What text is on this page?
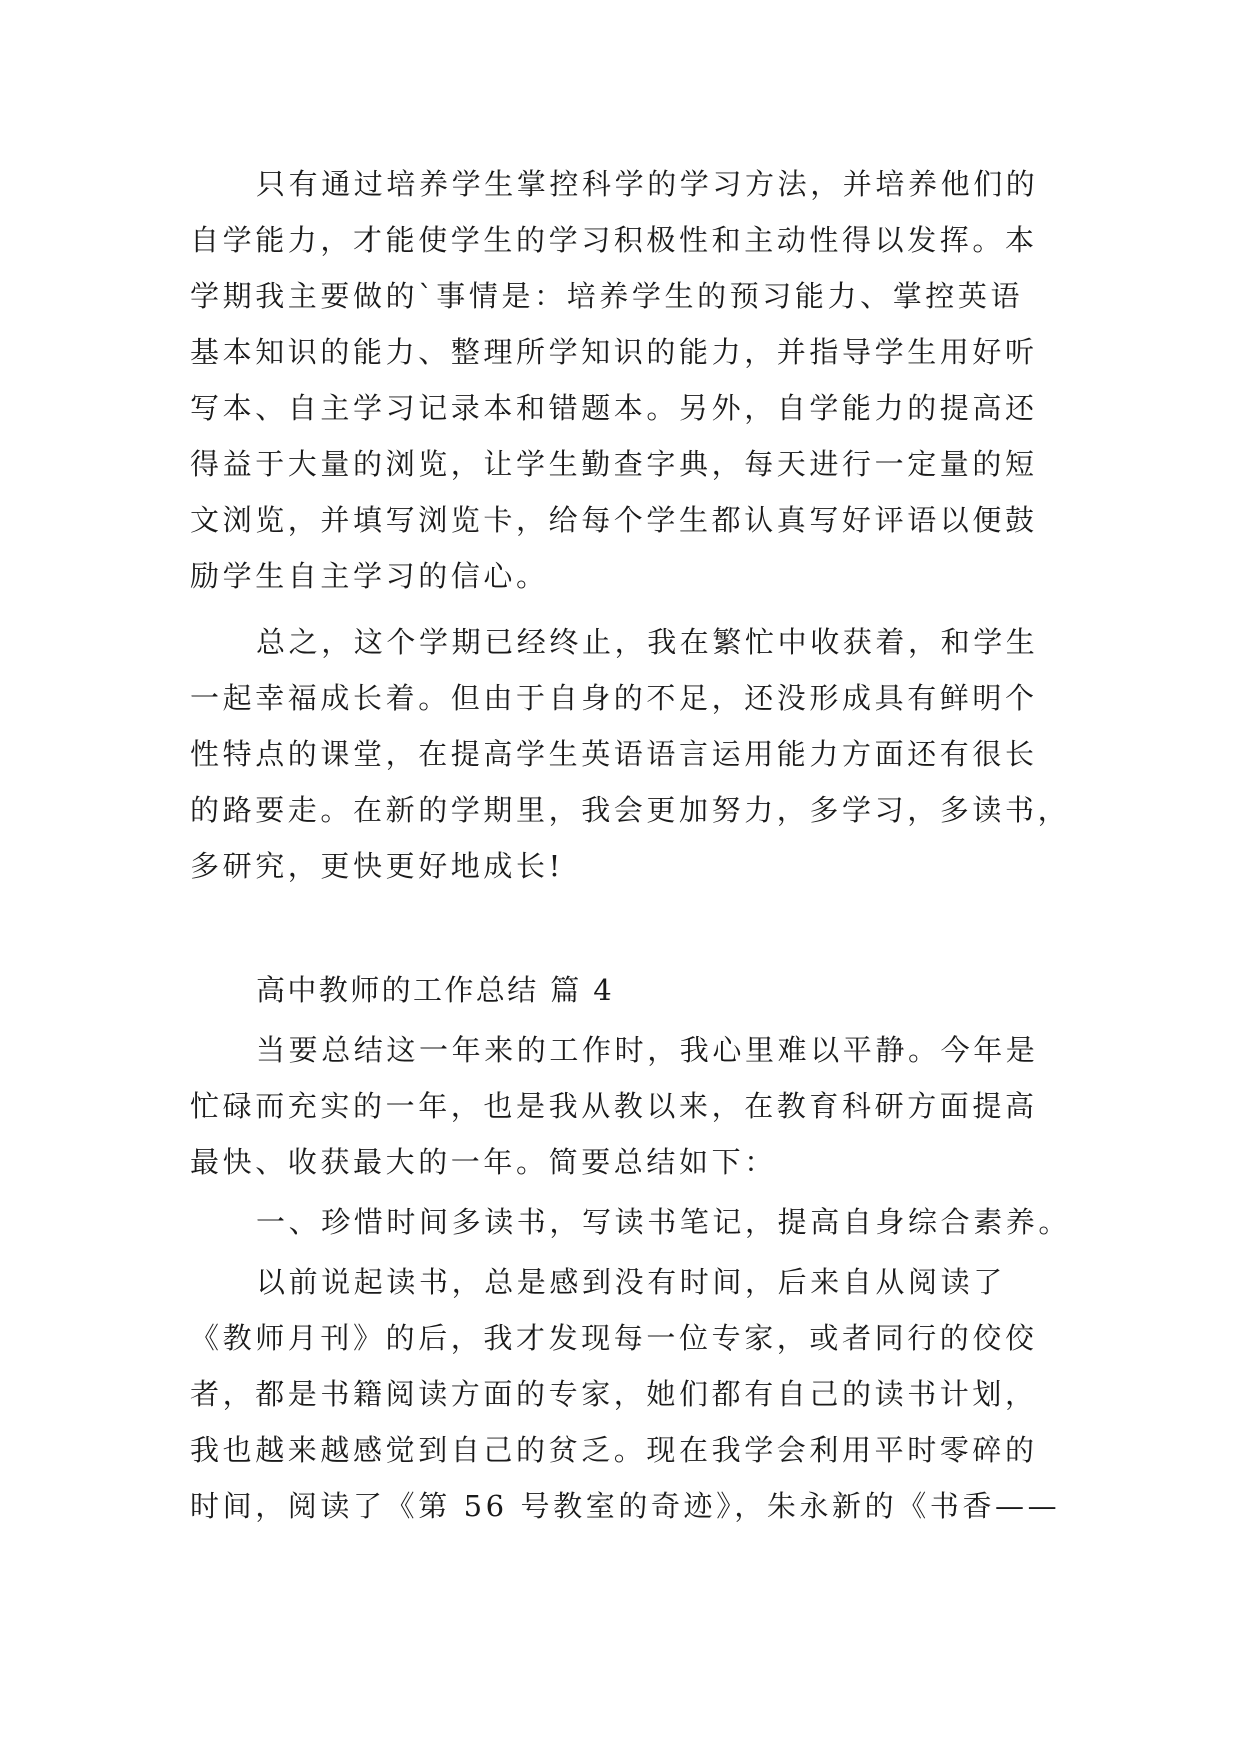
只有通过培养学生掌控科学的学习方法，并培养他们的
自学能力，才能使学生的学习积极性和主动性得以发挥。本
学期我主要做的`事情是：培养学生的预习能力、掌控英语
基本知识的能力、整理所学知识的能力，并指导学生用好听
写本、自主学习记录本和错题本。另外，自学能力的提高还
得益于大量的浏览，让学生勤查字典，每天进行一定量的短
文浏览，并填写浏览卡，给每个学生都认真写好评语以便鼓
励学生自主学习的信心。
总之，这个学期已经终止，我在繁忙中收获着，和学生
一起幸福成长着。但由于自身的不足，还没形成具有鲜明个
性特点的课堂，在提高学生英语语言运用能力方面还有很长
的路要走。在新的学期里，我会更加努力，多学习，多读书，
多研究，更快更好地成长!
高中教师的工作总结 篇 4
当要总结这一年来的工作时，我心里难以平静。今年是
忙碌而充实的一年，也是我从教以来，在教育科研方面提高
最快、收获最大的一年。简要总结如下：
一、珍惜时间多读书，写读书笔记，提高自身综合素养。
以前说起读书，总是感到没有时间，后来自从阅读了
《教师月刊》的后，我才发现每一位专家，或者同行的佼佼
者，都是书籍阅读方面的专家，她们都有自己的读书计划，
我也越来越感觉到自己的贫乏。现在我学会利用平时零碎的
时间，阅读了《第 56 号教室的奇迹》，朱永新的《书香——
